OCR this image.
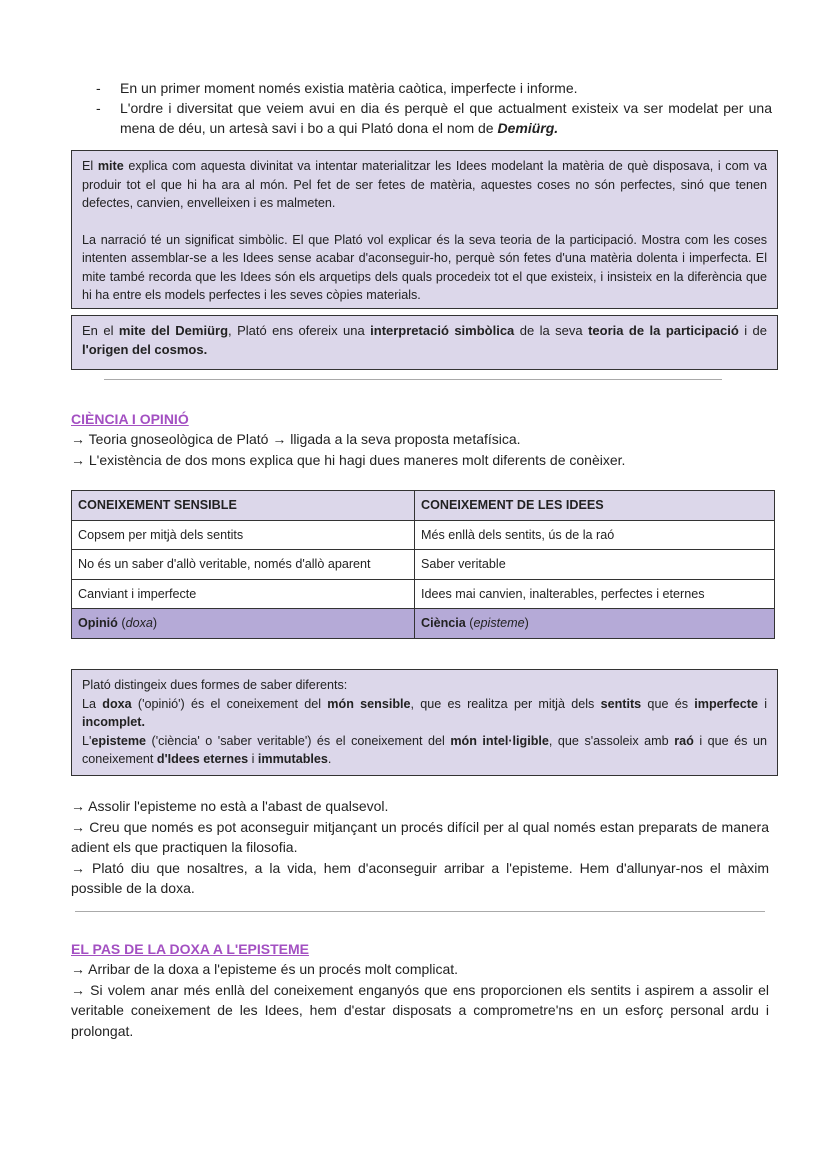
- En un primer moment només existia matèria caòtica, imperfecte i informe.
- L'ordre i diversitat que veiem avui en dia és perquè el que actualment existeix va ser modelat per una mena de déu, un artesà savi i bo a qui Plató dona el nom de Demiürg.

El mite explica com aquesta divinitat va intentar materialitzar les Idees modelant la matèria de què disposava, i com va produir tot el que hi ha ara al món. Pel fet de ser fetes de matèria, aquestes coses no són perfectes, sinó que tenen defectes, canvien, envelleixen i es malmeten.

La narració té un significat simbòlic. El que Plató vol explicar és la seva teoria de la participació. Mostra com les coses intenten assemblar-se a les Idees sense acabar d'aconseguir-ho, perquè són fetes d'una matèria dolenta i imperfecta. El mite també recorda que les Idees són els arquetips dels quals procedeix tot el que existeix, i insisteix en la diferència que hi ha entre els models perfectes i les seves còpies materials.

En el mite del Demiürg, Plató ens ofereix una interpretació simbòlica de la seva teoria de la participació i de l'origen del cosmos.

CIÈNCIA I OPINIÓ

→ Teoria gnoseològica de Plató → lligada a la seva proposta metafísica.

→ L'existència de dos mons explica que hi hagi dues maneres molt diferents de conèixer.

CONEIXEMENT SENSIBLE	CONEIXEMENT DE LES IDEES
Copsem per mitjà dels sentits	Més enllà dels sentits, ús de la raó
No és un saber d'allò veritable, només d'allò aparent	Saber veritable
Canviant i imperfecte	Idees mai canvien, inalterables, perfectes i eternes
Opinió (doxa)	Ciència (episteme)

Plató distingeix dues formes de saber diferents:

La doxa ('opinió') és el coneixement del món sensible, que es realitza per mitjà dels sentits que és imperfecte i incomplet.

L'episteme ('ciència' o 'saber veritable') és el coneixement del món intel·ligible, que s'assoleix amb raó i que és un coneixement d'Idees eternes i immutables.

→ Assolir l'episteme no està a l'abast de qualsevol.

→ Creu que només es pot aconseguir mitjançant un procés difícil per al qual només estan preparats de manera adient els que practiquen la filosofia.

→ Plató diu que nosaltres, a la vida, hem d'aconseguir arribar a l'episteme. Hem d'allunyar-nos el màxim possible de la doxa.

EL PAS DE LA DOXA A L'EPISTEME

→ Arribar de la doxa a l'episteme és un procés molt complicat.

→ Si volem anar més enllà del coneixement enganyós que ens proporcionen els sentits i aspirem a assolir el veritable coneixement de les Idees, hem d'estar disposats a comprometre'ns en un esforç personal ardu i prolongat.
